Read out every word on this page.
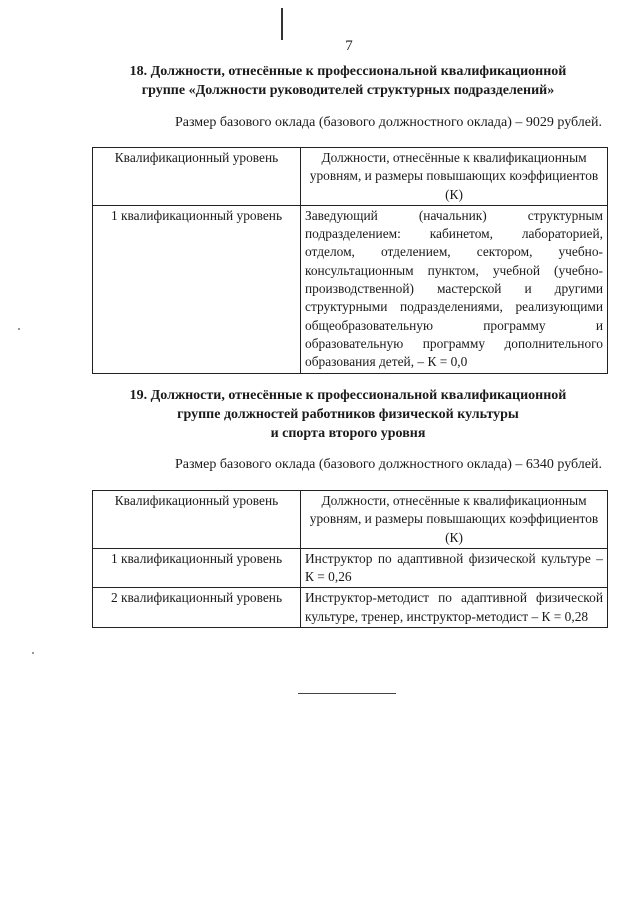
7
18. Должности, отнесённые к профессиональной квалификационной
группе «Должности руководителей структурных подразделений»
Размер базового оклада (базового должностного оклада) – 9029 рублей.
Квалификационный уровень	Должности, отнесённые к квалификационным уровням, и размеры повышающих коэффициентов (К)
1 квалификационный уровень	Заведующий (начальник) структурным подразделением: кабинетом, лабораторией, отделом, отделением, сектором, учебно-консультационным пунктом, учебной (учебно-производственной) мастерской и другими структурными подразделениями, реализующими общеобразовательную программу и образовательную программу дополнительного образования детей, – К = 0,0
19. Должности, отнесённые к профессиональной квалификационной
группе должностей работников физической культуры
и спорта второго уровня
Размер базового оклада (базового должностного оклада) – 6340 рублей.
Квалификационный уровень	Должности, отнесённые к квалификационным уровням, и размеры повышающих коэффициентов (К)
1 квалификационный уровень	Инструктор по адаптивной физической культуре – К = 0,26
2 квалификационный уровень	Инструктор-методист по адаптивной физической культуре, тренер, инструктор-методист – К = 0,28
